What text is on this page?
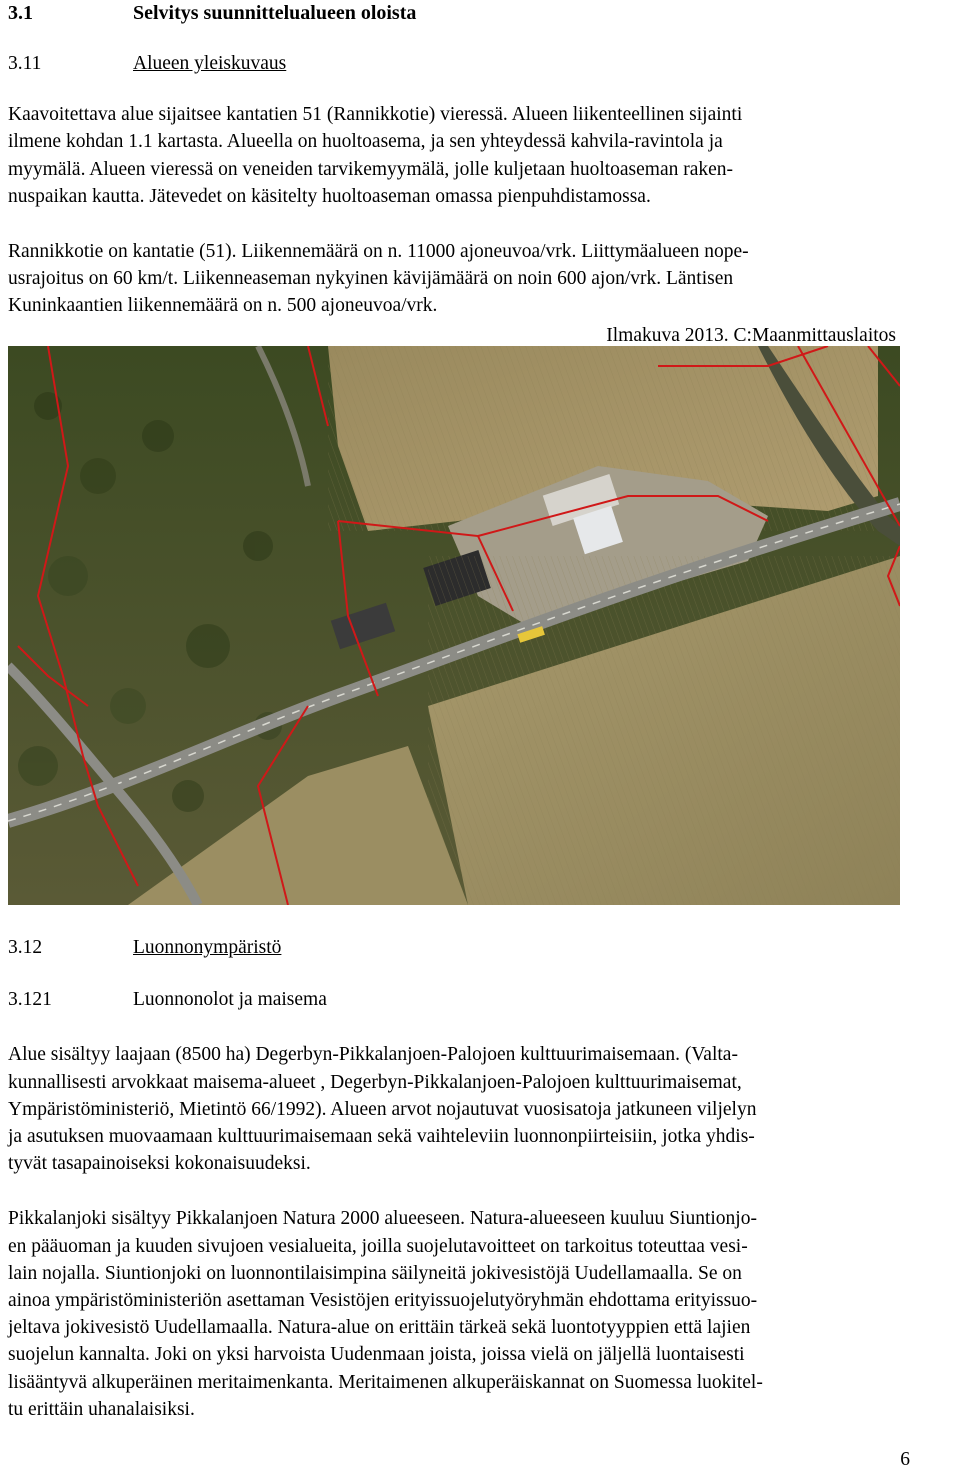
3.1	Selvitys suunnittelualueen oloista
3.11	Alueen yleiskuvaus
Kaavoitettava alue sijaitsee kantatien 51 (Rannikkotie) vieressä. Alueen liikenteellinen sijainti
ilmene kohdan 1.1 kartasta. Alueella on huoltoasema, ja sen yhteydessä kahvila-ravintola ja
myymälä. Alueen vieressä on veneiden tarvikemyymälä, jolle kuljetaan huoltoaseman raken-
nuspaikan kautta. Jätevedet on käsitelty huoltoaseman omassa pienpuhdistamossa.
Rannikkotie on kantatie (51). Liikennemäärä on n. 11000 ajoneuvoa/vrk. Liittymäalueen nope-
usrajoitus on 60 km/t. Liikenneaseman nykyinen kävijämäärä on noin 600 ajon/vrk. Läntisen
Kuninkaantien liikennemäärä on n. 500 ajoneuvoa/vrk.
Ilmakuva 2013. C:Maanmittauslaitos
3.12	Luonnonympäristö
3.121	Luonnonolot ja maisema
Alue sisältyy laajaan (8500 ha) Degerbyn-Pikkalanjoen-Palojoen kulttuurimaisemaan. (Valta-
kunnallisesti arvokkaat maisema-alueet , Degerbyn-Pikkalanjoen-Palojoen kulttuurimaisemat,
Ympäristöministeriö, Mietintö 66/1992). Alueen arvot nojautuvat vuosisatoja jatkuneen viljelyn
ja asutuksen muovaamaan kulttuurimaisemaan sekä vaihteleviin luonnonpiirteisiin, jotka yhdis-
tyvät tasapainoiseksi kokonaisuudeksi.
Pikkalanjoki sisältyy Pikkalanjoen Natura 2000 alueeseen. Natura-alueeseen kuuluu Siuntionjo-
en pääuoman ja kuuden sivujoen vesialueita, joilla suojelutavoitteet on tarkoitus toteuttaa vesi-
lain nojalla. Siuntionjoki on luonnontilaisimpina säilyneitä jokivesistöjä Uudellamaalla. Se on
ainoa ympäristöministeriön asettaman Vesistöjen erityissuojelutyöryhmän ehdottama erityissuo-
jeltava jokivesistö Uudellamaalla. Natura-alue on erittäin tärkeä sekä luontotyyppien että lajien
suojelun kannalta. Joki on yksi harvoista Uudenmaan joista, joissa vielä on jäljellä luontaisesti
lisääntyvä alkuperäinen meritaimenkanta. Meritaimenen alkuperäiskannat on Suomessa luokitel-
tu erittäin uhanalaisiksi.
6
